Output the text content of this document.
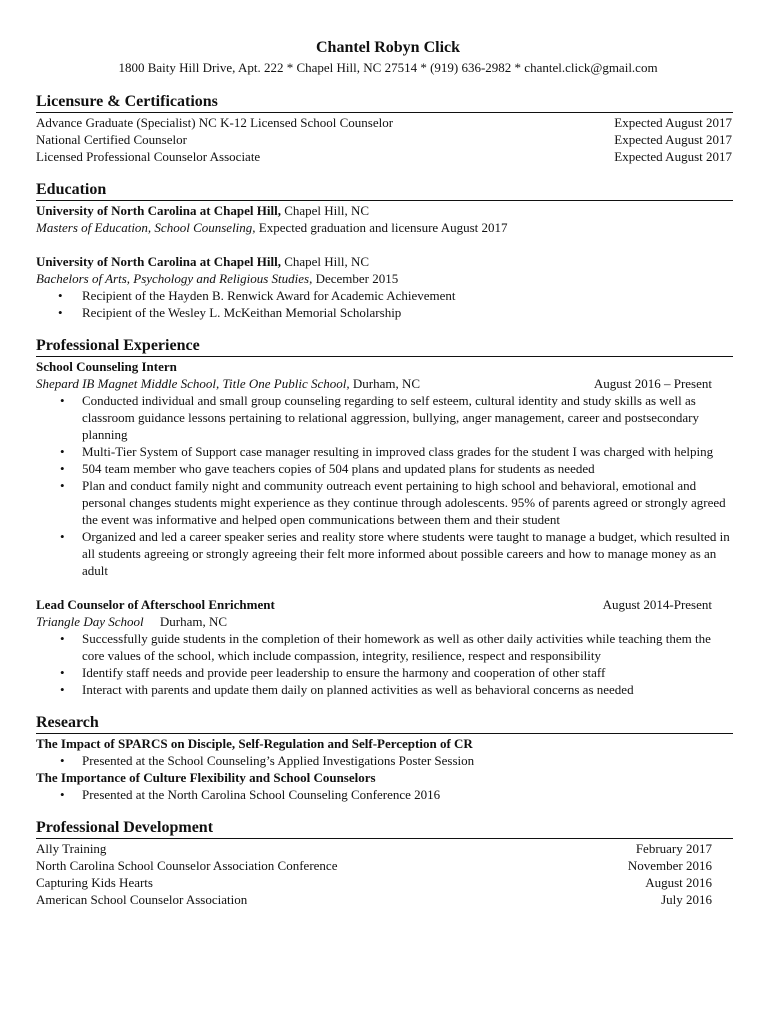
Chantel Robyn Click
1800 Baity Hill Drive, Apt. 222 * Chapel Hill, NC 27514 * (919) 636-2982 * chantel.click@gmail.com
Licensure & Certifications
Advance Graduate (Specialist) NC K-12 Licensed School Counselor	Expected August 2017
National Certified Counselor	Expected August 2017
Licensed Professional Counselor Associate	Expected August 2017
Education
University of North Carolina at Chapel Hill, Chapel Hill, NC
Masters of Education, School Counseling, Expected graduation and licensure August 2017
University of North Carolina at Chapel Hill, Chapel Hill, NC
Bachelors of Arts, Psychology and Religious Studies, December 2015
• Recipient of the Hayden B. Renwick Award for Academic Achievement
• Recipient of the Wesley L. McKeithan Memorial Scholarship
Professional Experience
School Counseling Intern
Shepard IB Magnet Middle School, Title One Public School, Durham, NC	August 2016 – Present
• Conducted individual and small group counseling regarding to self esteem, cultural identity and study skills as well as classroom guidance lessons pertaining to relational aggression, bullying, anger management, career and postsecondary planning
• Multi-Tier System of Support case manager resulting in improved class grades for the student I was charged with helping
• 504 team member who gave teachers copies of 504 plans and updated plans for students as needed
• Plan and conduct family night and community outreach event pertaining to high school and behavioral, emotional and personal changes students might experience as they continue through adolescents. 95% of parents agreed or strongly agreed the event was informative and helped open communications between them and their student
• Organized and led a career speaker series and reality store where students were taught to manage a budget, which resulted in all students agreeing or strongly agreeing their felt more informed about possible careers and how to manage money as an adult
Lead Counselor of Afterschool Enrichment	August 2014-Present
Triangle Day School     Durham, NC
• Successfully guide students in the completion of their homework as well as other daily activities while teaching them the core values of the school, which include compassion, integrity, resilience, respect and responsibility
• Identify staff needs and provide peer leadership to ensure the harmony and cooperation of other staff
• Interact with parents and update them daily on planned activities as well as behavioral concerns as needed
Research
The Impact of SPARCS on Disciple, Self-Regulation and Self-Perception of CR
• Presented at the School Counseling’s Applied Investigations Poster Session
The Importance of Culture Flexibility and School Counselors
• Presented at the North Carolina School Counseling Conference 2016
Professional Development
Ally Training	February 2017
North Carolina School Counselor Association Conference	November 2016
Capturing Kids Hearts	August 2016
American School Counselor Association	July 2016
